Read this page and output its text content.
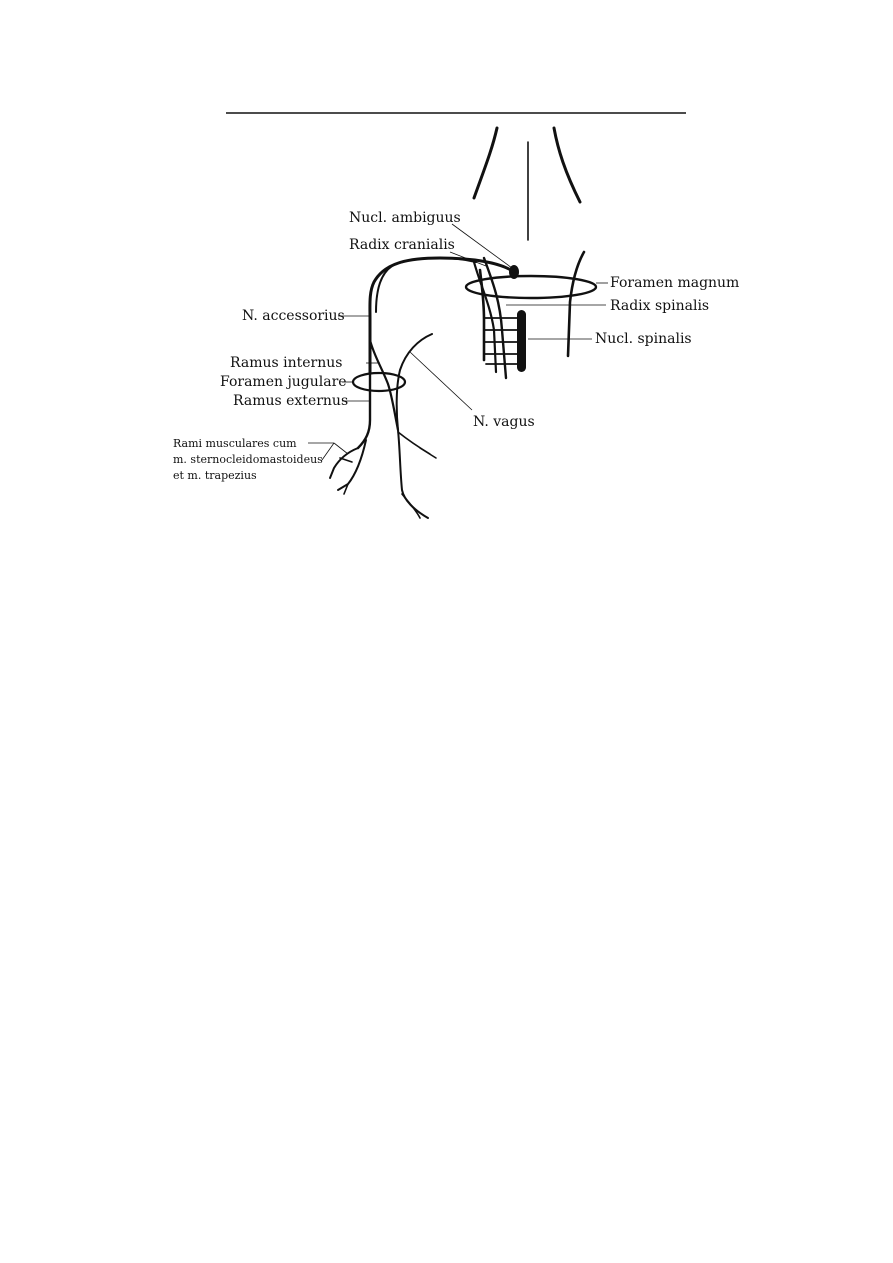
Nucl. ambiguus
Radix cranialis
Foramen magnum
Radix spinalis
N. accessorius
Nucl. spinalis
Ramus internus
Foramen jugulare
Ramus externus
N. vagus
Rami musculares cum
m. sternocleidomastoideus
et m. trapezius
